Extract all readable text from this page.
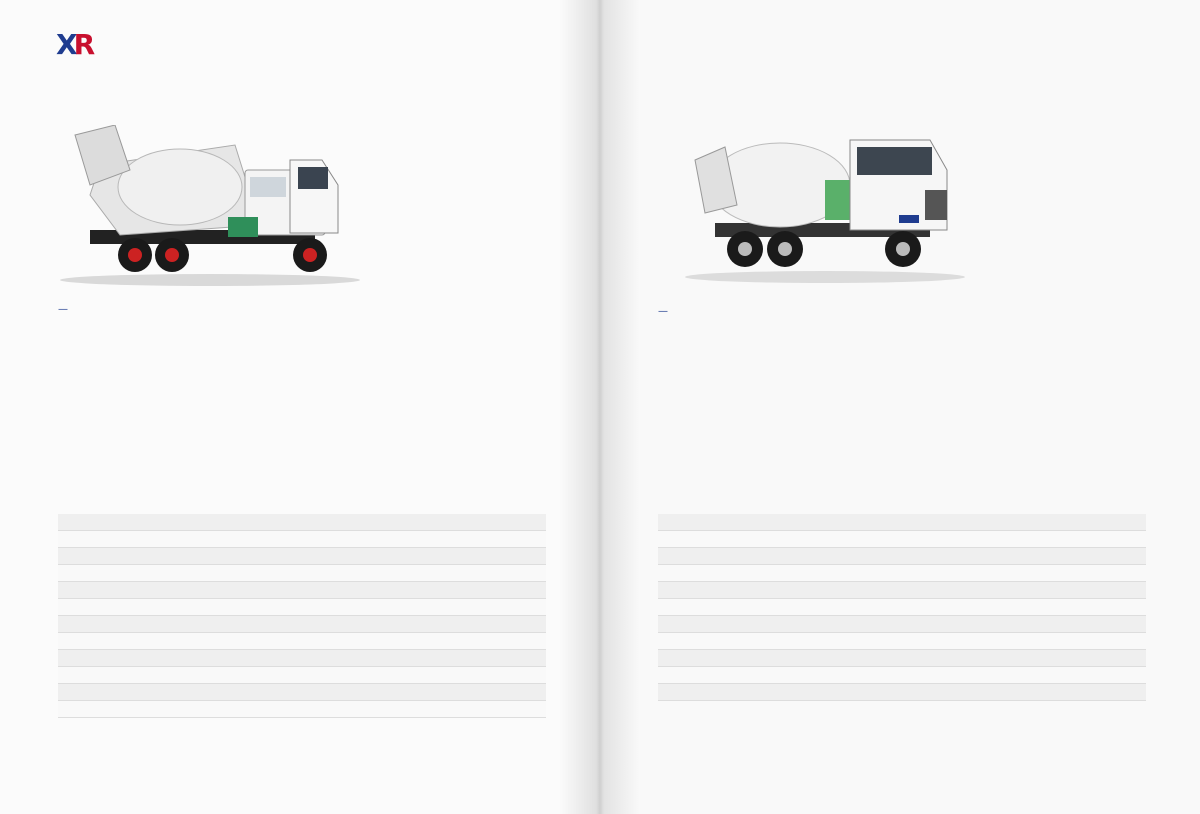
XR
—

		—
